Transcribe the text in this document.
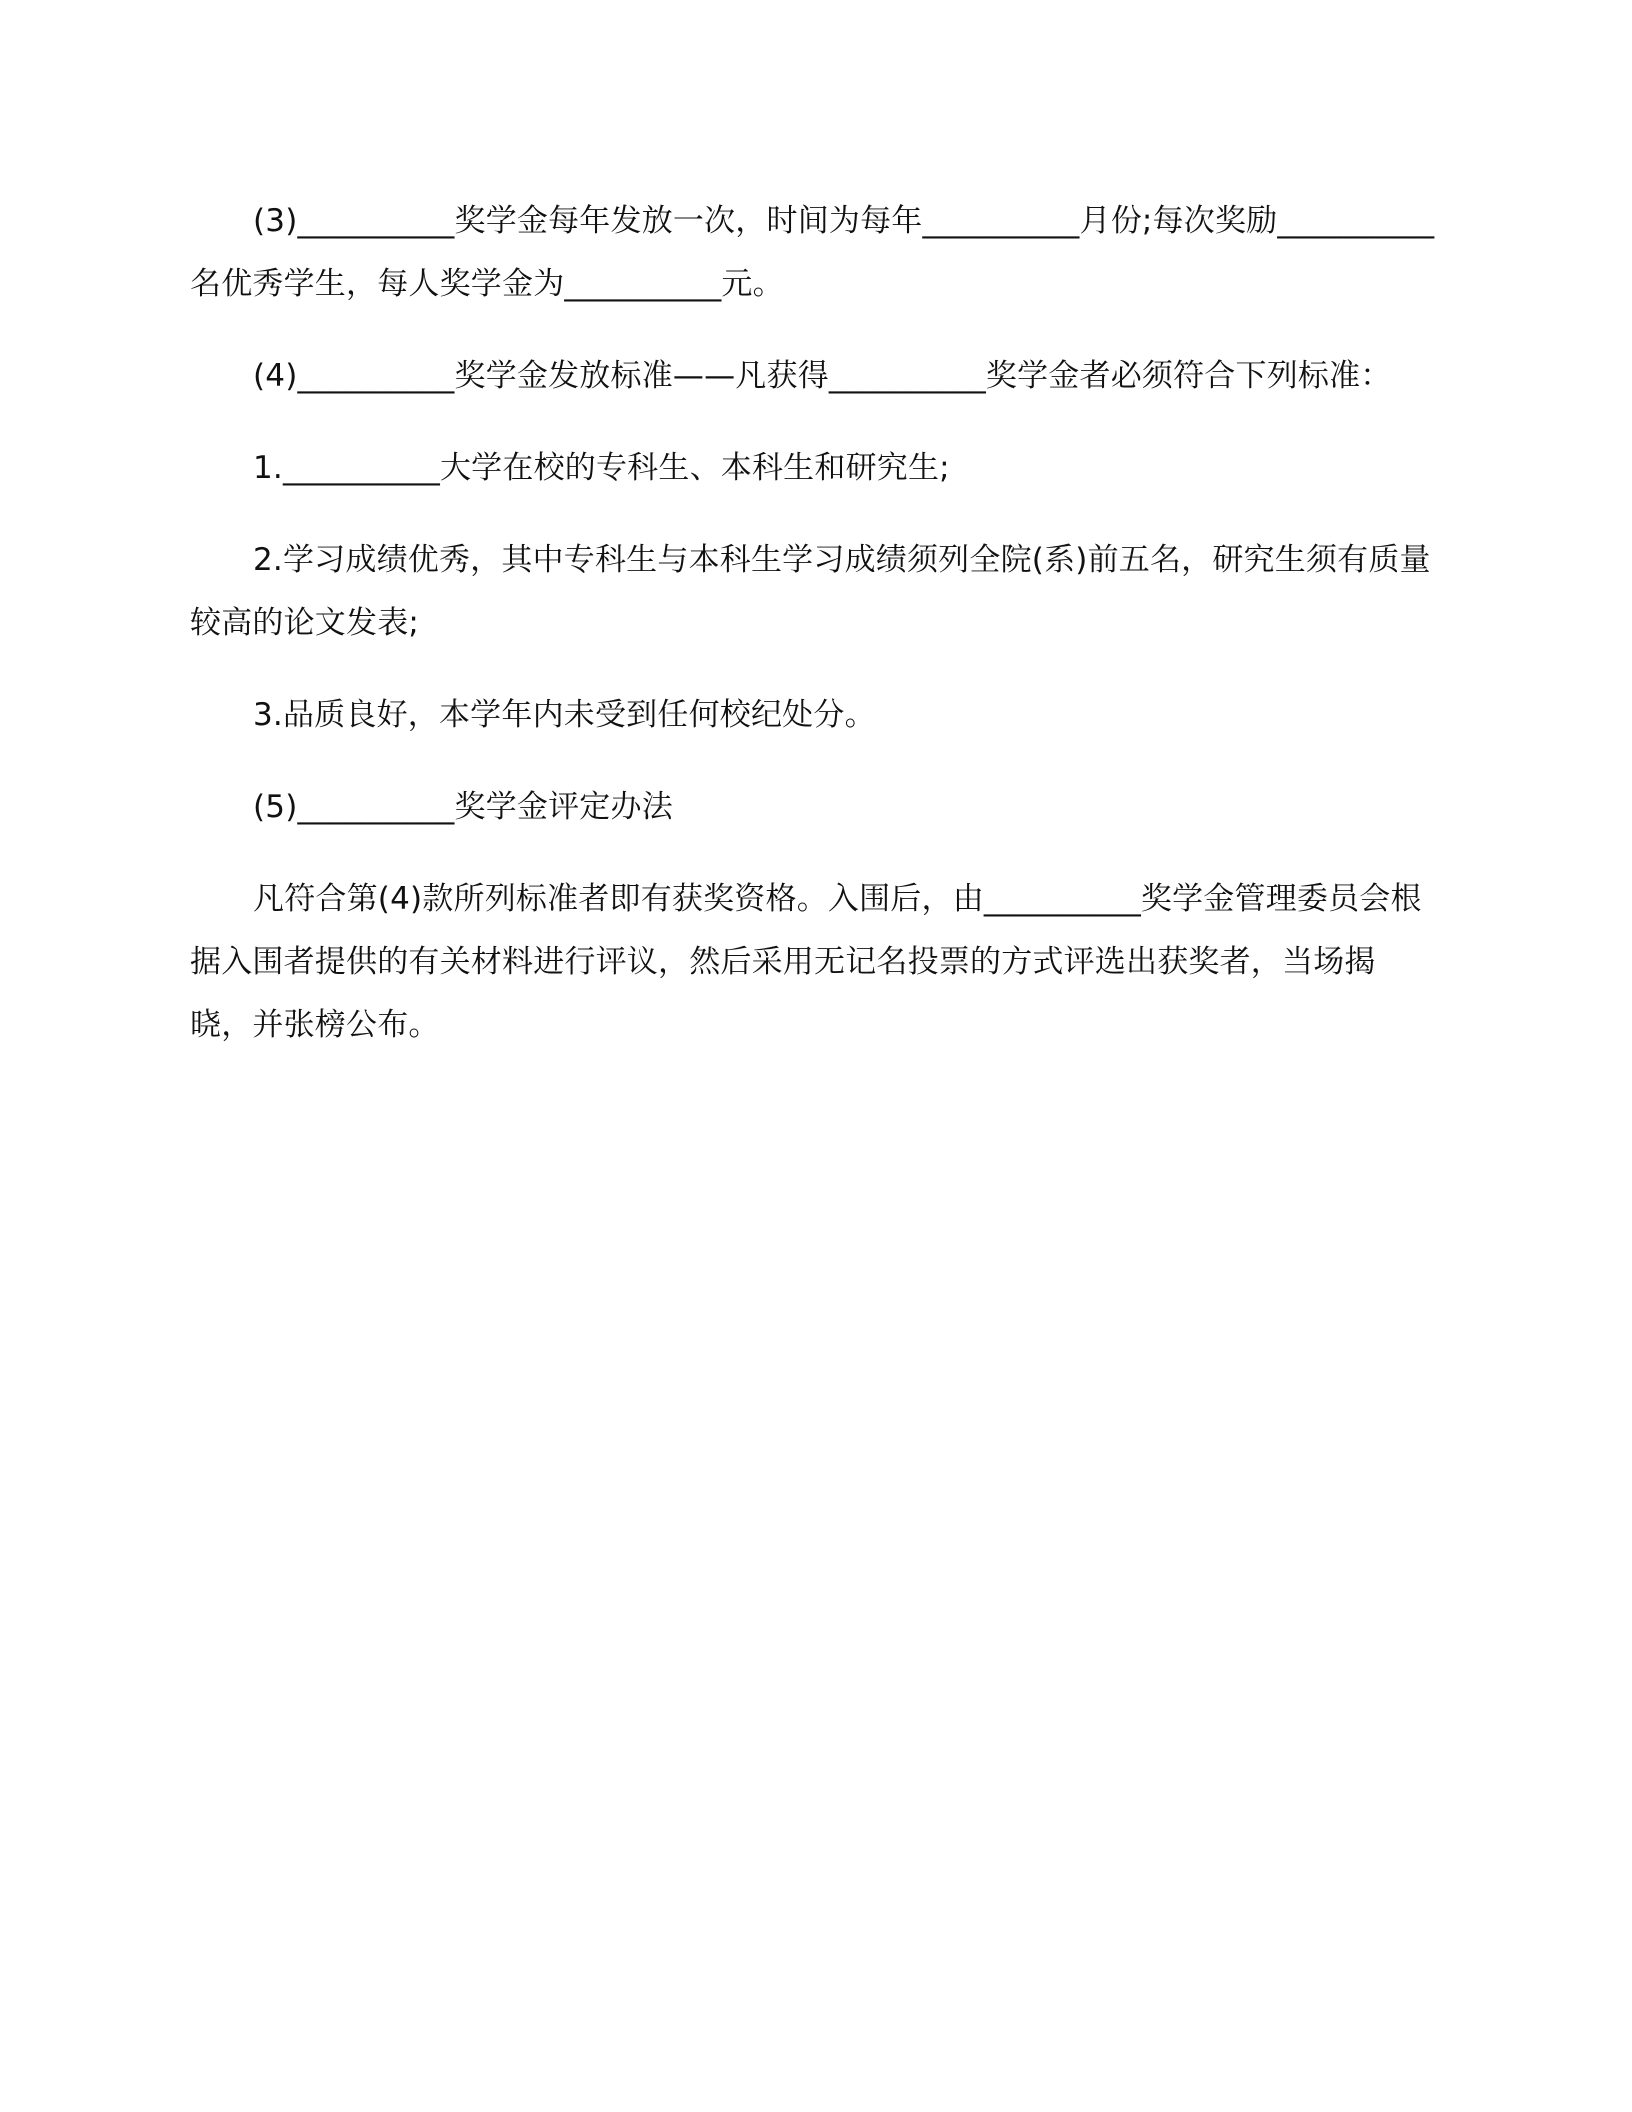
(3)__________奖学金每年发放一次，时间为每年__________月份;每次奖励__________名优秀学生，每人奖学金为__________元。

(4)__________奖学金发放标准——凡获得__________奖学金者必须符合下列标准：

1.__________大学在校的专科生、本科生和研究生;

2.学习成绩优秀，其中专科生与本科生学习成绩须列全院(系)前五名，研究生须有质量较高的论文发表;

3.品质良好，本学年内未受到任何校纪处分。

(5)__________奖学金评定办法

凡符合第(4)款所列标准者即有获奖资格。入围后，由__________奖学金管理委员会根据入围者提供的有关材料进行评议，然后采用无记名投票的方式评选出获奖者，当场揭晓，并张榜公布。
